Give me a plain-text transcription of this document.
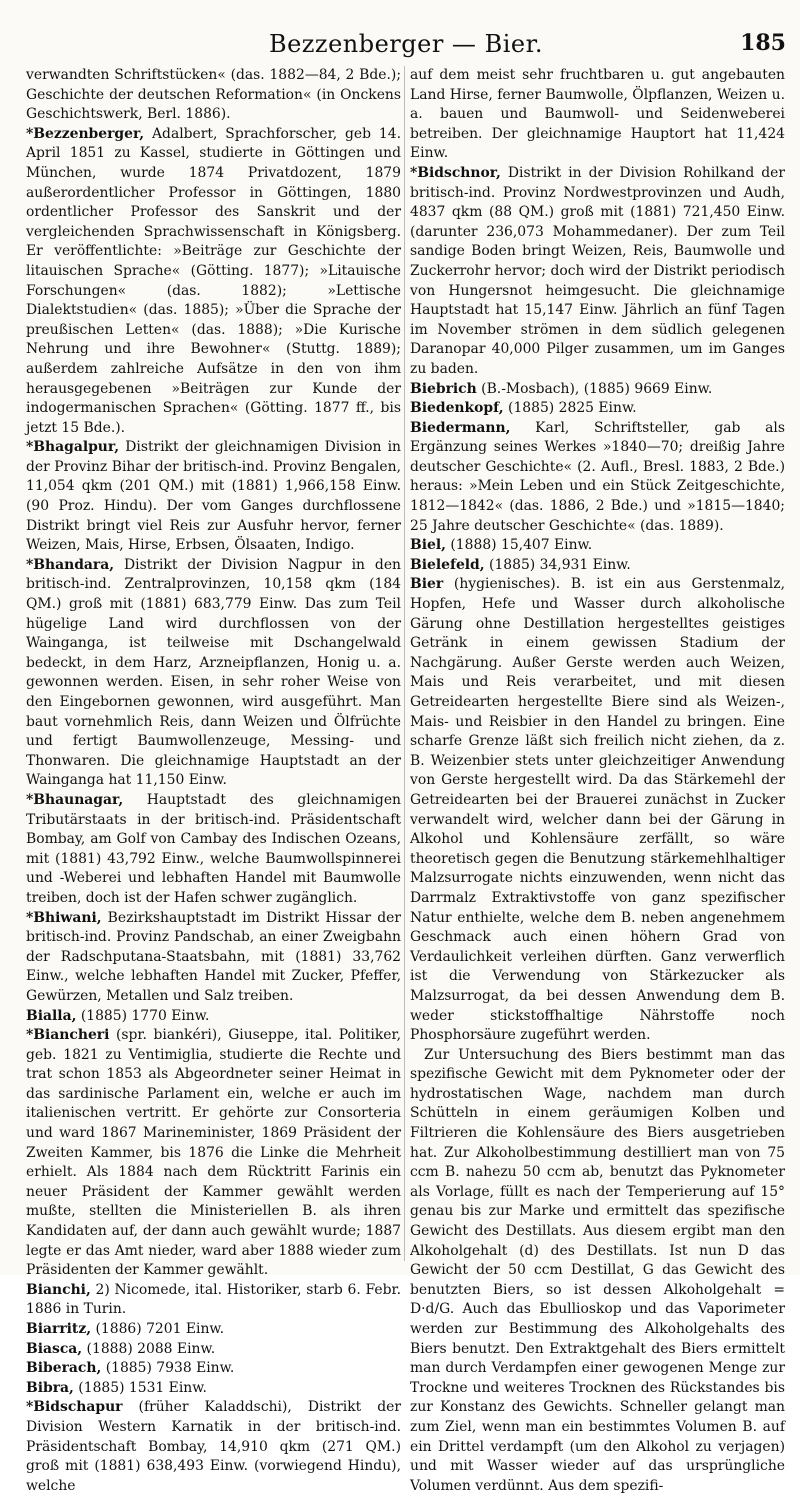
Bezzenberger — Bier.	185

verwandten Schriftstücken« (das. 1882—84, 2 Bde.); Geschichte der deutschen Reformation« (in Onckens Geschichtswerk, Berl. 1886).

*Bezzenberger, Adalbert, Sprachforscher, geb 14. April 1851 zu Kassel, studierte in Göttingen und München, wurde 1874 Privatdozent, 1879 außerordentlicher Professor in Göttingen, 1880 ordentlicher Professor des Sanskrit und der vergleichenden Sprachwissenschaft in Königsberg. Er veröffentlichte: »Beiträge zur Geschichte der litauischen Sprache« (Götting. 1877); »Litauische Forschungen« (das. 1882); »Lettische Dialektstudien« (das. 1885); »Über die Sprache der preußischen Letten« (das. 1888); »Die Kurische Nehrung und ihre Bewohner« (Stuttg. 1889); außerdem zahlreiche Aufsätze in den von ihm herausgegebenen »Beiträgen zur Kunde der indogermanischen Sprachen« (Götting. 1877 ff., bis jetzt 15 Bde.).

*Bhagalpur, Distrikt der gleichnamigen Division in der Provinz Bihar der britisch-ind. Provinz Bengalen, 11,054 qkm (201 QM.) mit (1881) 1,966,158 Einw. (90 Proz. Hindu). Der vom Ganges durchflossene Distrikt bringt viel Reis zur Ausfuhr hervor, ferner Weizen, Mais, Hirse, Erbsen, Ölsaaten, Indigo.

*Bhandara, Distrikt der Division Nagpur in den britisch-ind. Zentralprovinzen, 10,158 qkm (184 QM.) groß mit (1881) 683,779 Einw. Das zum Teil hügelige Land wird durchflossen von der Wainganga, ist teilweise mit Dschangelwald bedeckt, in dem Harz, Arzneipflanzen, Honig u. a. gewonnen werden. Eisen, in sehr roher Weise von den Eingebornen gewonnen, wird ausgeführt. Man baut vornehmlich Reis, dann Weizen und Ölfrüchte und fertigt Baumwollenzeuge, Messing- und Thonwaren. Die gleichnamige Hauptstadt an der Wainganga hat 11,150 Einw.

*Bhaunagar, Hauptstadt des gleichnamigen Tributärstaats in der britisch-ind. Präsidentschaft Bombay, am Golf von Cambay des Indischen Ozeans, mit (1881) 43,792 Einw., welche Baumwollspinnerei und -Weberei und lebhaften Handel mit Baumwolle treiben, doch ist der Hafen schwer zugänglich.

*Bhiwani, Bezirkshauptstadt im Distrikt Hissar der britisch-ind. Provinz Pandschab, an einer Zweigbahn der Radschputana-Staatsbahn, mit (1881) 33,762 Einw., welche lebhaften Handel mit Zucker, Pfeffer, Gewürzen, Metallen und Salz treiben.

Bialla, (1885) 1770 Einw.

*Biancheri (spr. biankéri), Giuseppe, ital. Politiker, geb. 1821 zu Ventimiglia, studierte die Rechte und trat schon 1853 als Abgeordneter seiner Heimat in das sardinische Parlament ein, welche er auch im italienischen vertritt. Er gehörte zur Consorteria und ward 1867 Marineminister, 1869 Präsident der Zweiten Kammer, bis 1876 die Linke die Mehrheit erhielt. Als 1884 nach dem Rücktritt Farinis ein neuer Präsident der Kammer gewählt werden mußte, stellten die Ministeriellen B. als ihren Kandidaten auf, der dann auch gewählt wurde; 1887 legte er das Amt nieder, ward aber 1888 wieder zum Präsidenten der Kammer gewählt.

Bianchi, 2) Nicomede, ital. Historiker, starb 6. Febr. 1886 in Turin.

Biarritz, (1886) 7201 Einw.

Biasca, (1888) 2088 Einw.

Biberach, (1885) 7938 Einw.

Bibra, (1885) 1531 Einw.

*Bidschapur (früher Kaladdschi), Distrikt der Division Western Karnatik in der britisch-ind. Präsidentschaft Bombay, 14,910 qkm (271 QM.) groß mit (1881) 638,493 Einw. (vorwiegend Hindu), welche

auf dem meist sehr fruchtbaren u. gut angebauten Land Hirse, ferner Baumwolle, Ölpflanzen, Weizen u. a. bauen und Baumwoll- und Seidenweberei betreiben. Der gleichnamige Hauptort hat 11,424 Einw.

*Bidschnor, Distrikt in der Division Rohilkand der britisch-ind. Provinz Nordwestprovinzen und Audh, 4837 qkm (88 QM.) groß mit (1881) 721,450 Einw. (darunter 236,073 Mohammedaner). Der zum Teil sandige Boden bringt Weizen, Reis, Baumwolle und Zuckerrohr hervor; doch wird der Distrikt periodisch von Hungersnot heimgesucht. Die gleichnamige Hauptstadt hat 15,147 Einw. Jährlich an fünf Tagen im November strömen in dem südlich gelegenen Daranopar 40,000 Pilger zusammen, um im Ganges zu baden.

Biebrich (B.-Mosbach), (1885) 9669 Einw.

Biedenkopf, (1885) 2825 Einw.

Biedermann, Karl, Schriftsteller, gab als Ergänzung seines Werkes »1840—70; dreißig Jahre deutscher Geschichte« (2. Aufl., Bresl. 1883, 2 Bde.) heraus: »Mein Leben und ein Stück Zeitgeschichte, 1812—1842« (das. 1886, 2 Bde.) und »1815—1840; 25 Jahre deutscher Geschichte« (das. 1889).

Biel, (1888) 15,407 Einw.

Bielefeld, (1885) 34,931 Einw.

Bier (hygienisches). B. ist ein aus Gerstenmalz, Hopfen, Hefe und Wasser durch alkoholische Gärung ohne Destillation hergestelltes geistiges Getränk in einem gewissen Stadium der Nachgärung. Außer Gerste werden auch Weizen, Mais und Reis verarbeitet, und mit diesen Getreidearten hergestellte Biere sind als Weizen-, Mais- und Reisbier in den Handel zu bringen. Eine scharfe Grenze läßt sich freilich nicht ziehen, da z. B. Weizenbier stets unter gleichzeitiger Anwendung von Gerste hergestellt wird. Da das Stärkemehl der Getreidearten bei der Brauerei zunächst in Zucker verwandelt wird, welcher dann bei der Gärung in Alkohol und Kohlensäure zerfällt, so wäre theoretisch gegen die Benutzung stärkemehlhaltiger Malzsurrogate nichts einzuwenden, wenn nicht das Darrmalz Extraktivstoffe von ganz spezifischer Natur enthielte, welche dem B. neben angenehmem Geschmack auch einen höhern Grad von Verdaulichkeit verleihen dürften. Ganz verwerflich ist die Verwendung von Stärkezucker als Malzsurrogat, da bei dessen Anwendung dem B. weder stickstoffhaltige Nährstoffe noch Phosphorsäure zugeführt werden.

Zur Untersuchung des Biers bestimmt man das spezifische Gewicht mit dem Pyknometer oder der hydrostatischen Wage, nachdem man durch Schütteln in einem geräumigen Kolben und Filtrieren die Kohlensäure des Biers ausgetrieben hat. Zur Alkoholbestimmung destilliert man von 75 ccm B. nahezu 50 ccm ab, benutzt das Pyknometer als Vorlage, füllt es nach der Temperierung auf 15° genau bis zur Marke und ermittelt das spezifische Gewicht des Destillats. Aus diesem ergibt man den Alkoholgehalt (d) des Destillats. Ist nun D das Gewicht der 50 ccm Destillat, G das Gewicht des benutzten Biers, so ist dessen Alkoholgehalt = D·d/G. Auch das Ebullioskop und das Vaporimeter werden zur Bestimmung des Alkoholgehalts des Biers benutzt. Den Extraktgehalt des Biers ermittelt man durch Verdampfen einer gewogenen Menge zur Trockne und weiteres Trocknen des Rückstandes bis zur Konstanz des Gewichts. Schneller gelangt man zum Ziel, wenn man ein bestimmtes Volumen B. auf ein Drittel verdampft (um den Alkohol zu verjagen) und mit Wasser wieder auf das ursprüngliche Volumen verdünnt. Aus dem spezifi-
